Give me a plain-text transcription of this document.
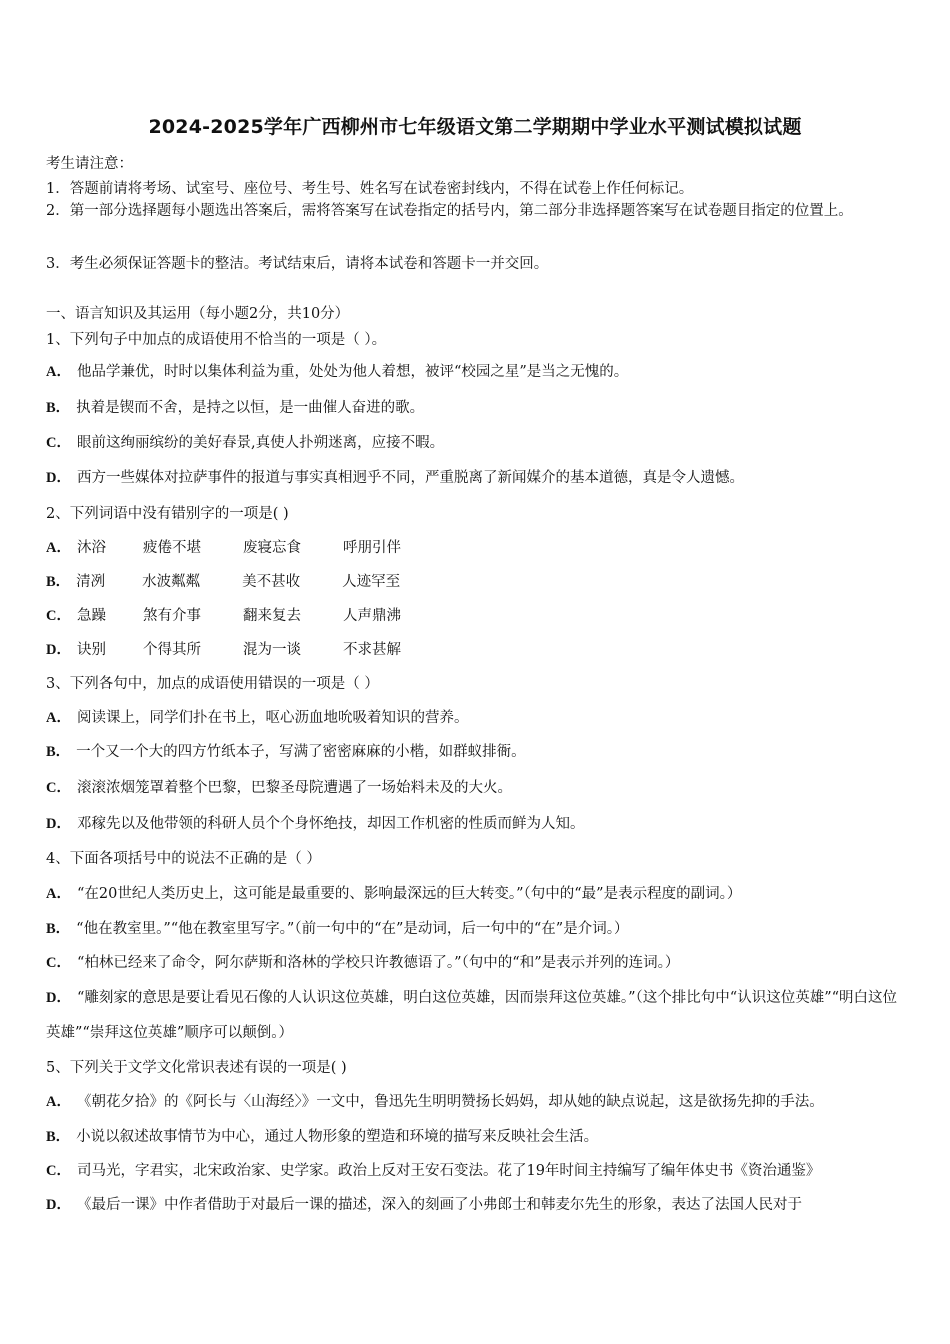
2024-2025学年广西柳州市七年级语文第二学期期中学业水平测试模拟试题
考生请注意：
1．答题前请将考场、试室号、座位号、考生号、姓名写在试卷密封线内，不得在试卷上作任何标记。
2．第一部分选择题每小题选出答案后，需将答案写在试卷指定的括号内，第二部分非选择题答案写在试卷题目指定的位置上。
3．考生必须保证答题卡的整洁。考试结束后，请将本试卷和答题卡一并交回。
一、语言知识及其运用（每小题2分，共10分）
1、下列句子中加点的成语使用不恰当的一项是（ ）。
A． 他品学兼优，时时以集体利益为重，处处为他人着想，被评“校园之星”是当之无愧的。
B． 执着是锲而不舍，是持之以恒，是一曲催人奋进的歌。
C． 眼前这绚丽缤纷的美好春景,真使人扑朔迷离，应接不暇。
D． 西方一些媒体对拉萨事件的报道与事实真相迥乎不同，严重脱离了新闻媒介的基本道德，真是令人遗憾。
2、下列词语中没有错别字的一项是( )
A． 沐浴	疲倦不堪	废寝忘食	呼朋引伴
B． 清冽	水波粼粼	美不甚收	人迹罕至
C． 急躁	煞有介事	翻来复去	人声鼎沸
D． 诀别	个得其所	混为一谈	不求甚解
3、下列各句中，加点的成语使用错误的一项是（ ）
A． 阅读课上，同学们扑在书上，呕心沥血地吮吸着知识的营养。
B． 一个又一个大的四方竹纸本子，写满了密密麻麻的小楷，如群蚁排衙。
C． 滚滚浓烟笼罩着整个巴黎，巴黎圣母院遭遇了一场始料未及的大火。
D． 邓稼先以及他带领的科研人员个个身怀绝技，却因工作机密的性质而鲜为人知。
4、下面各项括号中的说法不正确的是（ ）
A． “在20世纪人类历史上，这可能是最重要的、影响最深远的巨大转变。”（句中的“最”是表示程度的副词。）
B． “他在教室里。”“他在教室里写字。”（前一句中的“在”是动词，后一句中的“在”是介词。）
C． “柏林已经来了命令，阿尔萨斯和洛林的学校只许教德语了。”（句中的“和”是表示并列的连词。）
D． “雕刻家的意思是要让看见石像的人认识这位英雄，明白这位英雄，因而崇拜这位英雄。”（这个排比句中“认识这位英雄”“明白这位英雄”“崇拜这位英雄”顺序可以颠倒。）
5、下列关于文学文化常识表述有误的一项是( )
A． 《朝花夕拾》的《阿长与〈山海经〉》一文中，鲁迅先生明明赞扬长妈妈，却从她的缺点说起，这是欲扬先抑的手法。
B． 小说以叙述故事情节为中心，通过人物形象的塑造和环境的描写来反映社会生活。
C． 司马光，字君实，北宋政治家、史学家。政治上反对王安石变法。花了19年时间主持编写了编年体史书《资治通鉴》
D． 《最后一课》中作者借助于对最后一课的描述，深入的刻画了小弗郎士和韩麦尔先生的形象，表达了法国人民对于
